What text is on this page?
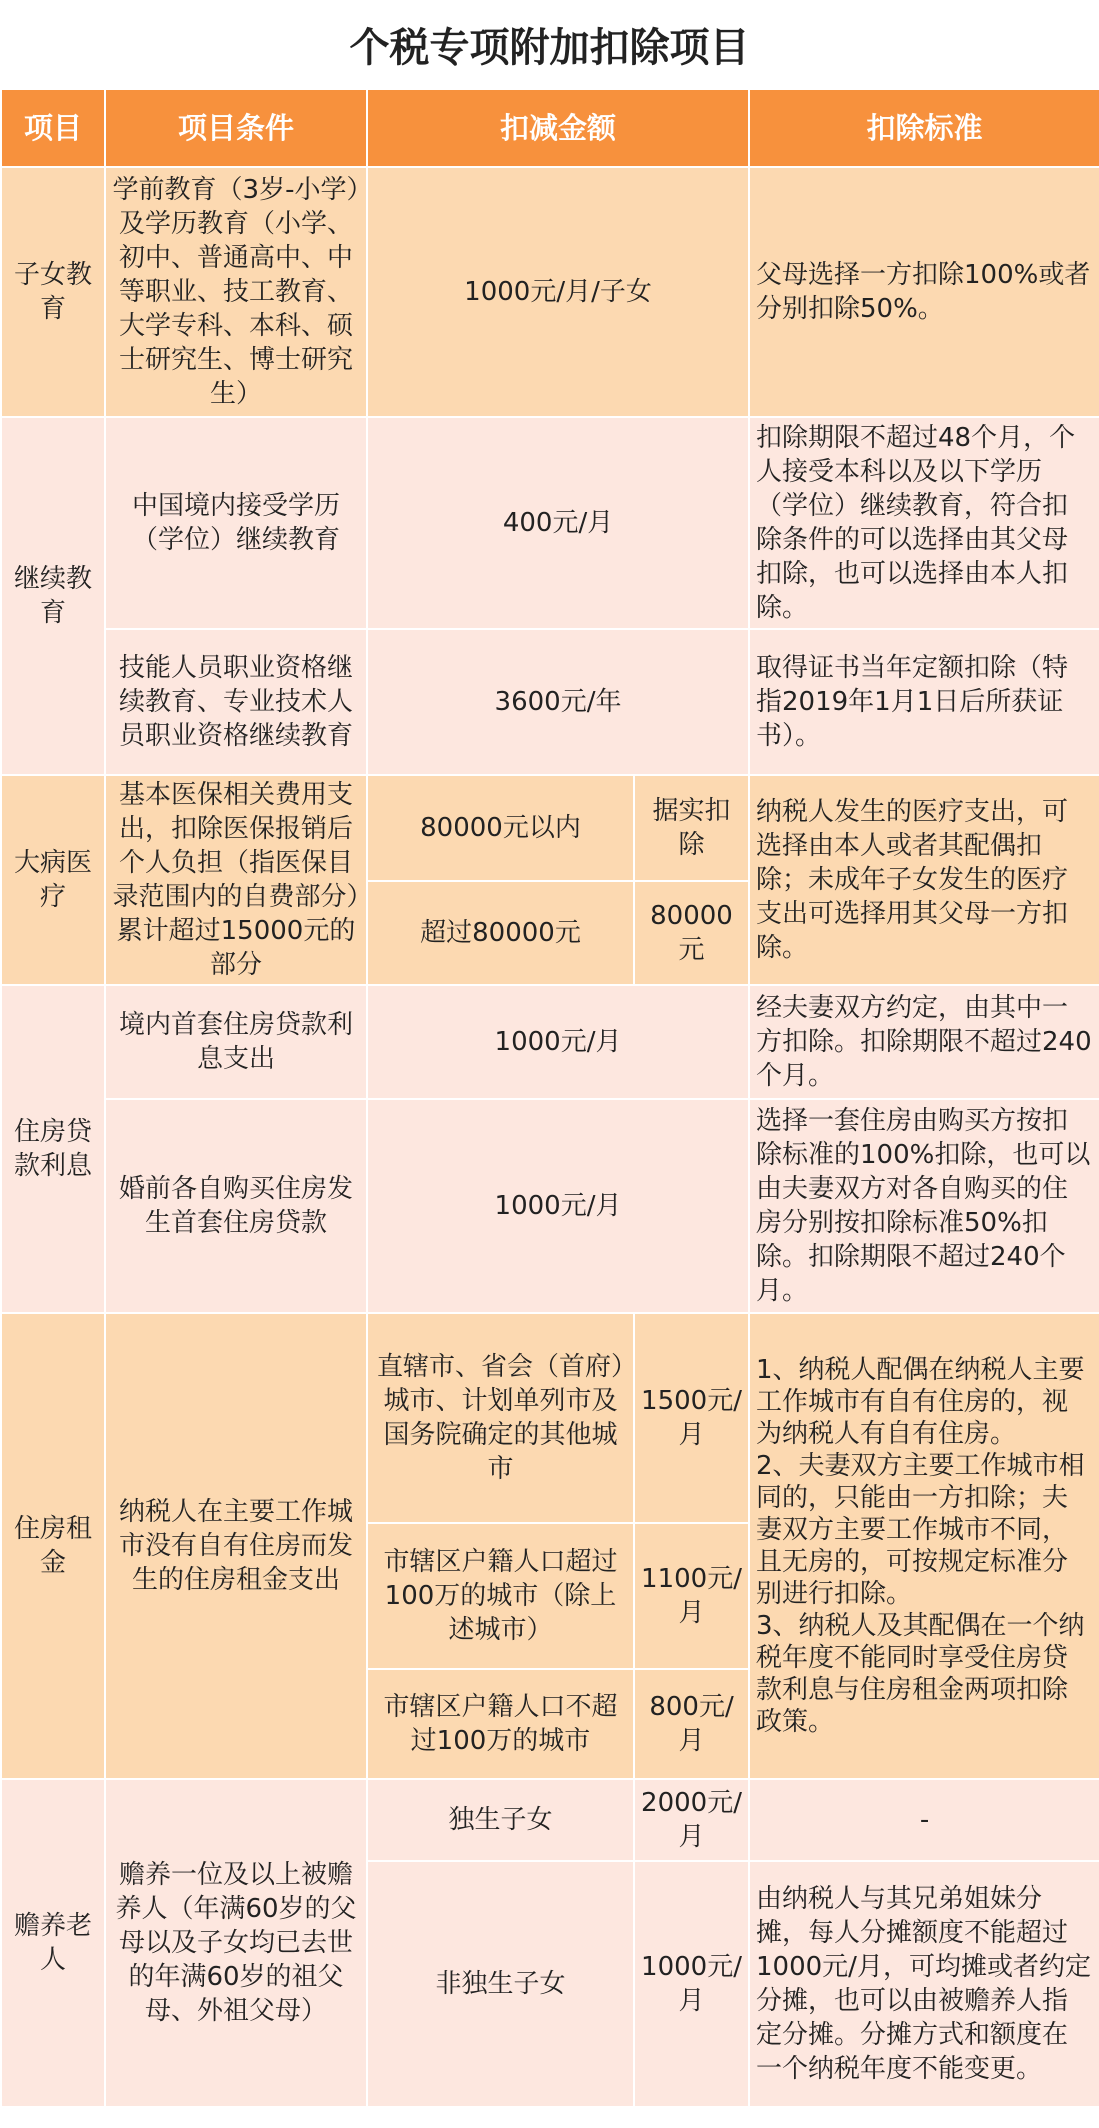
个税专项附加扣除项目
项目	项目条件	扣减金额		扣除标准
子女教育	学前教育（3岁-小学）及学历教育（小学、初中、普通高中、中等职业、技工教育、大学专科、本科、硕士研究生、博士研究生）	1000元/月/子女		父母选择一方扣除100%或者分别扣除50%。
继续教育	中国境内接受学历（学位）继续教育	400元/月		扣除期限不超过48个月，个人接受本科以及以下学历（学位）继续教育，符合扣除条件的可以选择由其父母扣除，也可以选择由本人扣除。
	技能人员职业资格继续教育、专业技术人员职业资格继续教育	3600元/年		取得证书当年定额扣除（特指2019年1月1日后所获证书）。
大病医疗	基本医保相关费用支出，扣除医保报销后个人负担（指医保目录范围内的自费部分）累计超过15000元的部分	80000元以内	据实扣除	纳税人发生的医疗支出，可选择由本人或者其配偶扣除；未成年子女发生的医疗支出可选择用其父母一方扣除。
		超过80000元	80000元	
住房贷款利息	境内首套住房贷款利息支出	1000元/月		经夫妻双方约定，由其中一方扣除。扣除期限不超过240个月。
	婚前各自购买住房发生首套住房贷款	1000元/月		选择一套住房由购买方按扣除标准的100%扣除，也可以由夫妻双方对各自购买的住房分别按扣除标准50%扣除。扣除期限不超过240个月。
住房租金	纳税人在主要工作城市没有自有住房而发生的住房租金支出	直辖市、省会（首府）城市、计划单列市及国务院确定的其他城市	1500元/月	1、纳税人配偶在纳税人主要工作城市有自有住房的，视为纳税人有自有住房。
2、夫妻双方主要工作城市相同的，只能由一方扣除；夫妻双方主要工作城市不同，且无房的，可按规定标准分别进行扣除。
3、纳税人及其配偶在一个纳税年度不能同时享受住房贷款利息与住房租金两项扣除政策。

		市辖区户籍人口超过100万的城市（除上述城市）	1100元/月	
		市辖区户籍人口不超过100万的城市	800元/月	
赡养老人	赡养一位及以上被赡养人（年满60岁的父母以及子女均已去世的年满60岁的祖父母、外祖父母）	独生子女	2000元/月	-
		非独生子女	1000元/月	由纳税人与其兄弟姐妹分摊，每人分摊额度不能超过1000元/月，可均摊或者约定分摊，也可以由被赡养人指定分摊。分摊方式和额度在一个纳税年度不能变更。
